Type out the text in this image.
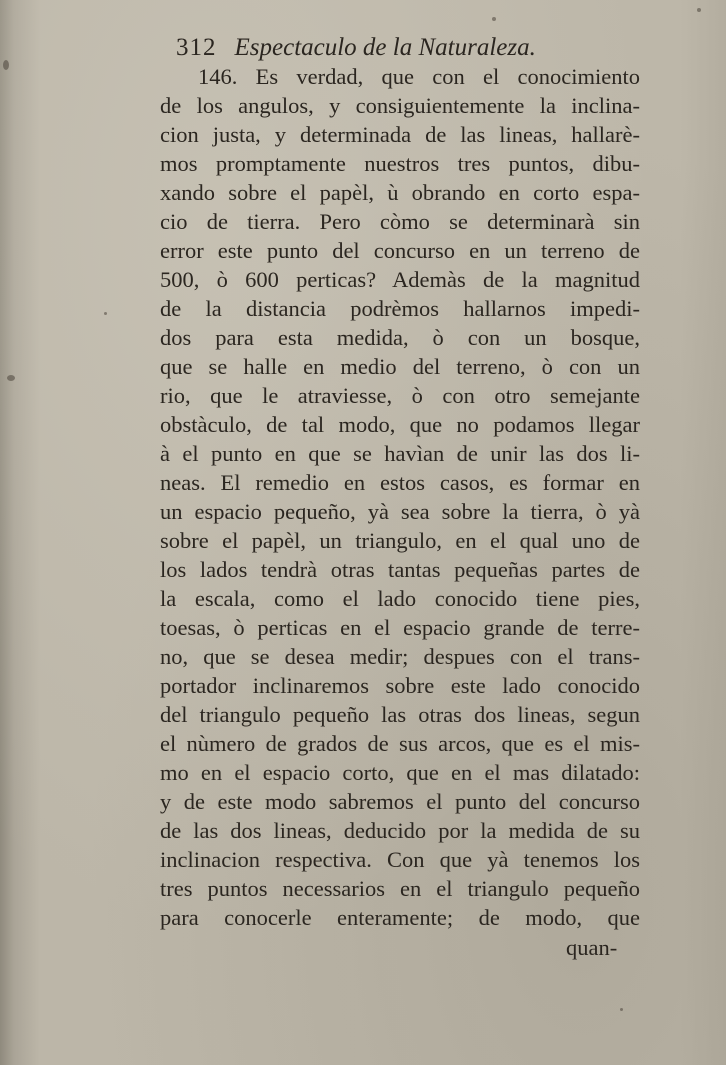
312 Espectaculo de la Naturaleza.
146. Es verdad, que con el conocimiento
de los angulos, y consiguientemente la inclina-
cion justa, y determinada de las lineas, hallarè-
mos promptamente nuestros tres puntos, dibu-
xando sobre el papèl, ù obrando en corto espa-
cio de tierra. Pero còmo se determinarà sin
error este punto del concurso en un terreno de
500, ò 600 perticas? Ademàs de la magnitud
de la distancia podrèmos hallarnos impedi-
dos para esta medida, ò con un bosque,
que se halle en medio del terreno, ò con un
rio, que le atraviesse, ò con otro semejante
obstàculo, de tal modo, que no podamos llegar
à el punto en que se havìan de unir las dos li-
neas. El remedio en estos casos, es formar en
un espacio pequeño, yà sea sobre la tierra, ò yà
sobre el papèl, un triangulo, en el qual uno de
los lados tendrà otras tantas pequeñas partes de
la escala, como el lado conocido tiene pies,
toesas, ò perticas en el espacio grande de terre-
no, que se desea medir; despues con el trans-
portador inclinaremos sobre este lado conocido
del triangulo pequeño las otras dos lineas, segun
el nùmero de grados de sus arcos, que es el mis-
mo en el espacio corto, que en el mas dilatado:
y de este modo sabremos el punto del concurso
de las dos lineas, deducido por la medida de su
inclinacion respectiva. Con que yà tenemos los
tres puntos necessarios en el triangulo pequeño
para conocerle enteramente; de modo, que
quan-
